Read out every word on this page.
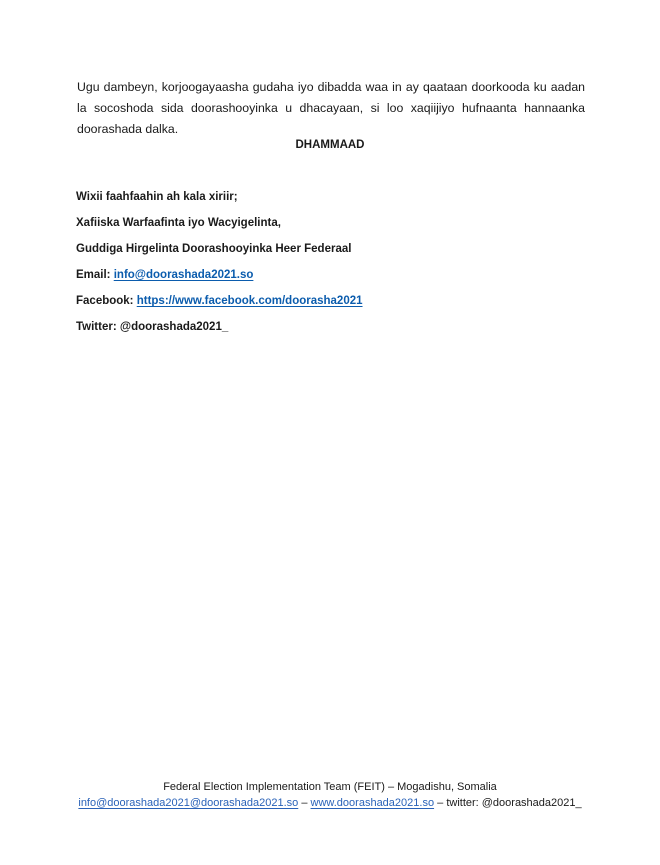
Ugu dambeyn, korjoogayaasha gudaha iyo dibadda waa in ay qaataan doorkooda ku aadan la socoshoda sida doorashooyinka u dhacayaan, si loo xaqiijiyo hufnaanta hannaanka doorashada dalka.

DHAMMAAD

Wixii faahfaahin ah kala xiriir;

Xafiiska Warfaafinta iyo Wacyigelinta,

Guddiga Hirgelinta Doorashooyinka Heer Federaal

Email: info@doorashada2021.so

Facebook: https://www.facebook.com/doorasha2021

Twitter: @doorashada2021_

Federal Election Implementation Team (FEIT) – Mogadishu, Somalia

info@doorashada2021@doorashada2021.so – www.doorashada2021.so – twitter: @doorashada2021_
